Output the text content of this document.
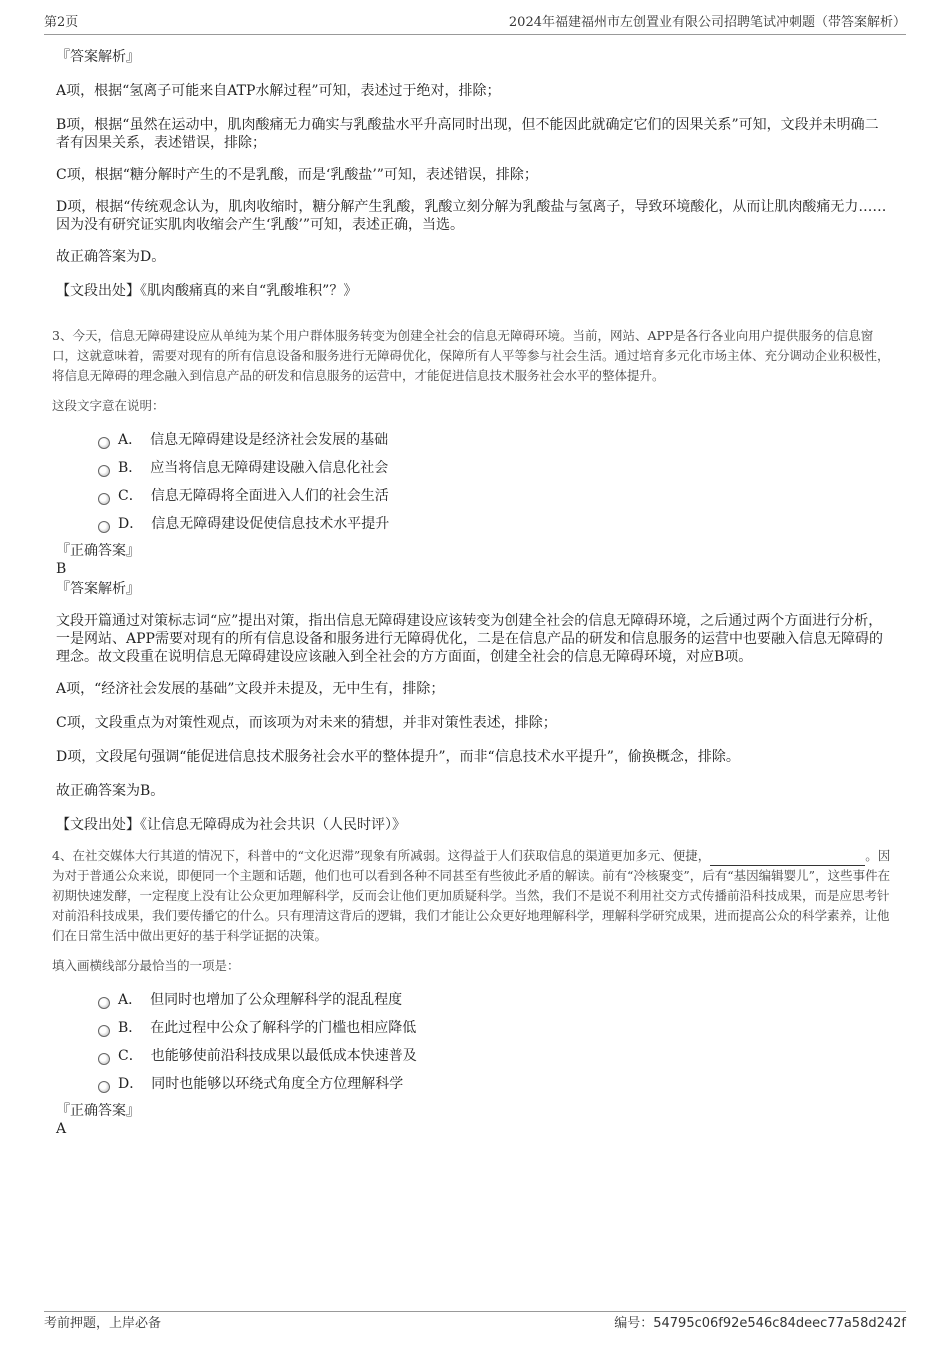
第2页	2024年福建福州市左创置业有限公司招聘笔试冲刺题（带答案解析）

『答案解析』

A项，根据“氢离子可能来自ATP水解过程”可知，表述过于绝对，排除；

B项，根据“虽然在运动中，肌肉酸痛无力确实与乳酸盐水平升高同时出现，但不能因此就确定它们的因果关系”可知，文段并未明确二者有因果关系，表述错误，排除；

C项，根据“糖分解时产生的不是乳酸，而是‘乳酸盐’”可知，表述错误，排除；

D项，根据“传统观念认为，肌肉收缩时，糖分解产生乳酸，乳酸立刻分解为乳酸盐与氢离子，导致环境酸化，从而让肌肉酸痛无力……因为没有研究证实肌肉收缩会产生‘乳酸’”可知，表述正确，当选。

故正确答案为D。

【文段出处】《肌肉酸痛真的来自“乳酸堆积”？》

3、今天，信息无障碍建设应从单纯为某个用户群体服务转变为创建全社会的信息无障碍环境。当前，网站、APP是各行各业向用户提供服务的信息窗口，这就意味着，需要对现有的所有信息设备和服务进行无障碍优化，保障所有人平等参与社会生活。通过培育多元化市场主体、充分调动企业积极性，将信息无障碍的理念融入到信息产品的研发和信息服务的运营中，才能促进信息技术服务社会水平的整体提升。

这段文字意在说明：

A． 信息无障碍建设是经济社会发展的基础
B． 应当将信息无障碍建设融入信息化社会
C． 信息无障碍将全面进入人们的社会生活
D． 信息无障碍建设促使信息技术水平提升

『正确答案』

B

『答案解析』

文段开篇通过对策标志词“应”提出对策，指出信息无障碍建设应该转变为创建全社会的信息无障碍环境，之后通过两个方面进行分析，一是网站、APP需要对现有的所有信息设备和服务进行无障碍优化，二是在信息产品的研发和信息服务的运营中也要融入信息无障碍的理念。故文段重在说明信息无障碍建设应该融入到全社会的方方面面，创建全社会的信息无障碍环境，对应B项。

A项，“经济社会发展的基础”文段并未提及，无中生有，排除；

C项，文段重点为对策性观点，而该项为对未来的猜想，并非对策性表述，排除；

D项，文段尾句强调“能促进信息技术服务社会水平的整体提升”，而非“信息技术水平提升”，偷换概念，排除。

故正确答案为B。

【文段出处】《让信息无障碍成为社会共识（人民时评）》

4、在社交媒体大行其道的情况下，科普中的“文化迟滞”现象有所减弱。这得益于人们获取信息的渠道更加多元、便捷，	。因为对于普通公众来说，即便同一个主题和话题，他们也可以看到各种不同甚至有些彼此矛盾的解读。前有“冷核聚变”，后有“基因编辑婴儿”，这些事件在初期快速发酵，一定程度上没有让公众更加理解科学，反而会让他们更加质疑科学。当然，我们不是说不利用社交方式传播前沿科技成果，而是应思考针对前沿科技成果，我们要传播它的什么。只有理清这背后的逻辑，我们才能让公众更好地理解科学，理解科学研究成果，进而提高公众的科学素养，让他们在日常生活中做出更好的基于科学证据的决策。

填入画横线部分最恰当的一项是：

A． 但同时也增加了公众理解科学的混乱程度
B． 在此过程中公众了解科学的门槛也相应降低
C． 也能够使前沿科技成果以最低成本快速普及
D． 同时也能够以环绕式角度全方位理解科学

『正确答案』

A

考前押题，上岸必备	编号：54795c06f92e546c84deec77a58d242f
